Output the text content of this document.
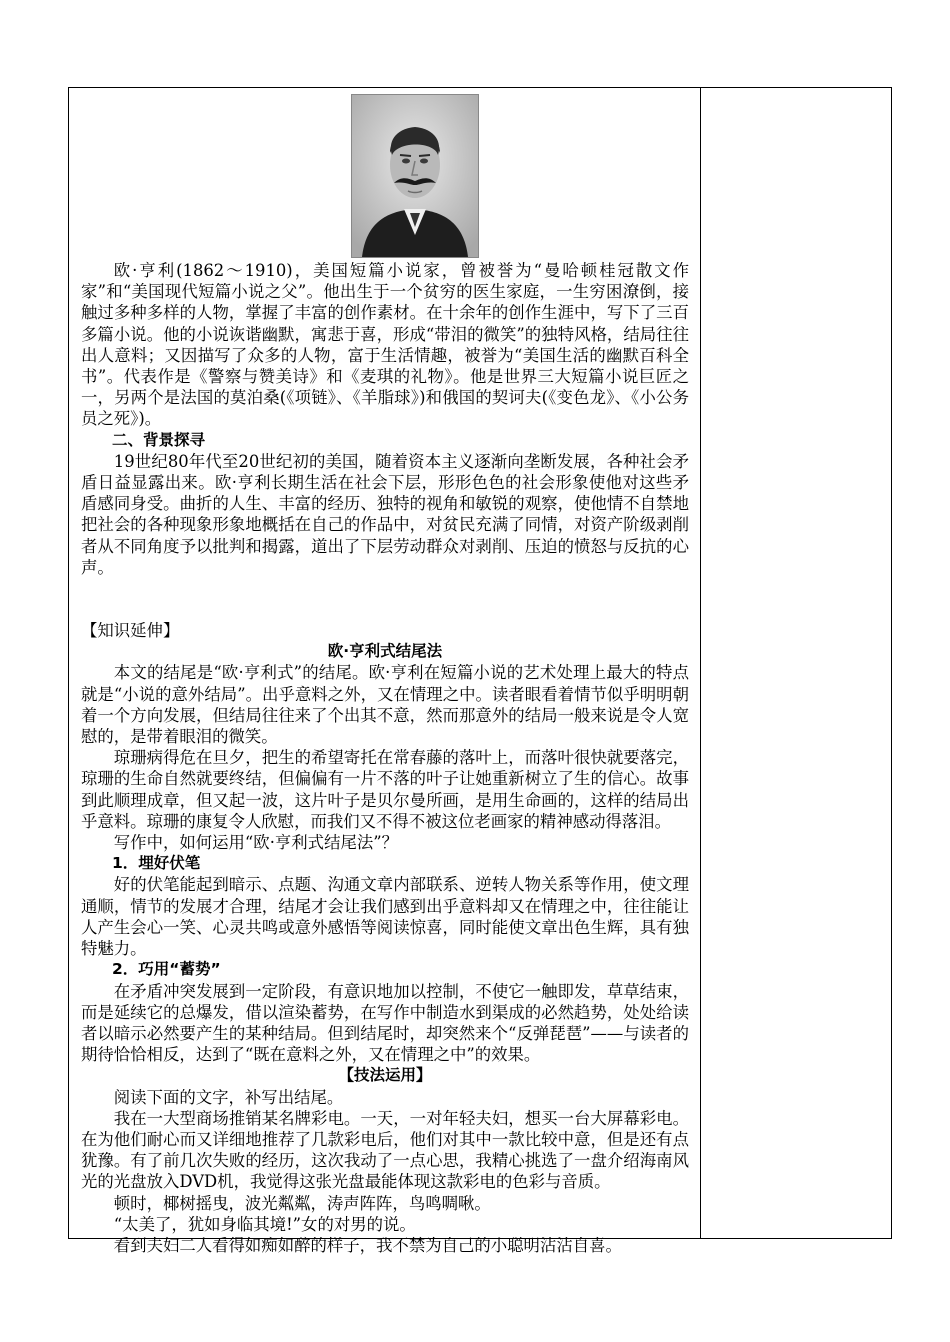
欧·亨利(1862～1910)，美国短篇小说家，曾被誉为“曼哈顿桂冠散文作家”和“美国现代短篇小说之父”。他出生于一个贫穷的医生家庭，一生穷困潦倒，接触过多种多样的人物，掌握了丰富的创作素材。在十余年的创作生涯中，写下了三百多篇小说。他的小说诙谐幽默，寓悲于喜，形成“带泪的微笑”的独特风格，结局往往出人意料；又因描写了众多的人物，富于生活情趣，被誉为“美国生活的幽默百科全书”。代表作是《警察与赞美诗》和《麦琪的礼物》。他是世界三大短篇小说巨匠之一，另两个是法国的莫泊桑(《项链》、《羊脂球》)和俄国的契诃夫(《变色龙》、《小公务员之死》)。

二、背景探寻

19世纪80年代至20世纪初的美国，随着资本主义逐渐向垄断发展，各种社会矛盾日益显露出来。欧·亨利长期生活在社会下层，形形色色的社会形象使他对这些矛盾感同身受。曲折的人生、丰富的经历、独特的视角和敏锐的观察，使他情不自禁地把社会的各种现象形象地概括在自己的作品中，对贫民充满了同情，对资产阶级剥削者从不同角度予以批判和揭露，道出了下层劳动群众对剥削、压迫的愤怒与反抗的心声。

【知识延伸】

欧·亨利式结尾法

本文的结尾是“欧·亨利式”的结尾。欧·亨利在短篇小说的艺术处理上最大的特点就是“小说的意外结局”。出乎意料之外，又在情理之中。读者眼看着情节似乎明明朝着一个方向发展，但结局往往来了个出其不意，然而那意外的结局一般来说是令人宽慰的，是带着眼泪的微笑。

琼珊病得危在旦夕，把生的希望寄托在常春藤的落叶上，而落叶很快就要落完，琼珊的生命自然就要终结，但偏偏有一片不落的叶子让她重新树立了生的信心。故事到此顺理成章，但又起一波，这片叶子是贝尔曼所画，是用生命画的，这样的结局出乎意料。琼珊的康复令人欣慰，而我们又不得不被这位老画家的精神感动得落泪。

写作中，如何运用“欧·亨利式结尾法”？

1．埋好伏笔

好的伏笔能起到暗示、点题、沟通文章内部联系、逆转人物关系等作用，使文理通顺，情节的发展才合理，结尾才会让我们感到出乎意料却又在情理之中，往往能让人产生会心一笑、心灵共鸣或意外感悟等阅读惊喜，同时能使文章出色生辉，具有独特魅力。

2．巧用“蓄势”

在矛盾冲突发展到一定阶段，有意识地加以控制，不使它一触即发，草草结束，而是延续它的总爆发，借以渲染蓄势，在写作中制造水到渠成的必然趋势，处处给读者以暗示必然要产生的某种结局。但到结尾时，却突然来个“反弹琵琶”——与读者的期待恰恰相反，达到了“既在意料之外，又在情理之中”的效果。

【技法运用】

阅读下面的文字，补写出结尾。

我在一大型商场推销某名牌彩电。一天，一对年轻夫妇，想买一台大屏幕彩电。在为他们耐心而又详细地推荐了几款彩电后，他们对其中一款比较中意，但是还有点犹豫。有了前几次失败的经历，这次我动了一点心思，我精心挑选了一盘介绍海南风光的光盘放入DVD机，我觉得这张光盘最能体现这款彩电的色彩与音质。

顿时，椰树摇曳，波光粼粼，涛声阵阵，鸟鸣啁啾。

“太美了，犹如身临其境!”女的对男的说。

看到夫妇二人看得如痴如醉的样子，我不禁为自己的小聪明沾沾自喜。
